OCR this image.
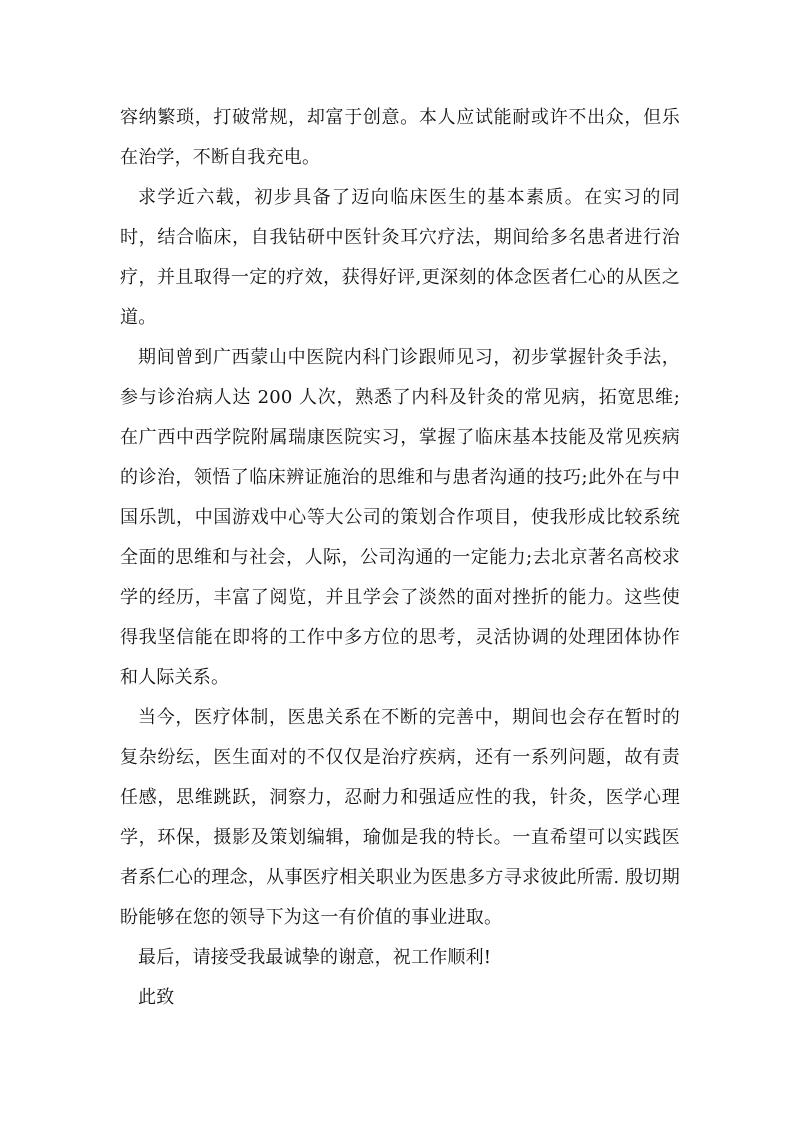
容纳繁琐，打破常规，却富于创意。本人应试能耐或许不出众，但乐在治学，不断自我充电。

求学近六载，初步具备了迈向临床医生的基本素质。在实习的同时，结合临床，自我钻研中医针灸耳穴疗法，期间给多名患者进行治疗，并且取得一定的疗效，获得好评,更深刻的体念医者仁心的从医之道。

期间曾到广西蒙山中医院内科门诊跟师见习，初步掌握针灸手法，参与诊治病人达 200 人次，熟悉了内科及针灸的常见病，拓宽思维;在广西中西学院附属瑞康医院实习，掌握了临床基本技能及常见疾病的诊治，领悟了临床辨证施治的思维和与患者沟通的技巧;此外在与中国乐凯，中国游戏中心等大公司的策划合作项目，使我形成比较系统全面的思维和与社会，人际，公司沟通的一定能力;去北京著名高校求学的经历，丰富了阅览，并且学会了淡然的面对挫折的能力。这些使得我坚信能在即将的工作中多方位的思考，灵活协调的处理团体协作和人际关系。

当今，医疗体制，医患关系在不断的完善中，期间也会存在暂时的复杂纷纭，医生面对的不仅仅是治疗疾病，还有一系列问题，故有责任感，思维跳跃，洞察力，忍耐力和强适应性的我，针灸，医学心理学，环保，摄影及策划编辑，瑜伽是我的特长。一直希望可以实践医者系仁心的理念，从事医疗相关职业为医患多方寻求彼此所需. 殷切期盼能够在您的领导下为这一有价值的事业进取。

最后，请接受我最诚挚的谢意，祝工作顺利!

此致
